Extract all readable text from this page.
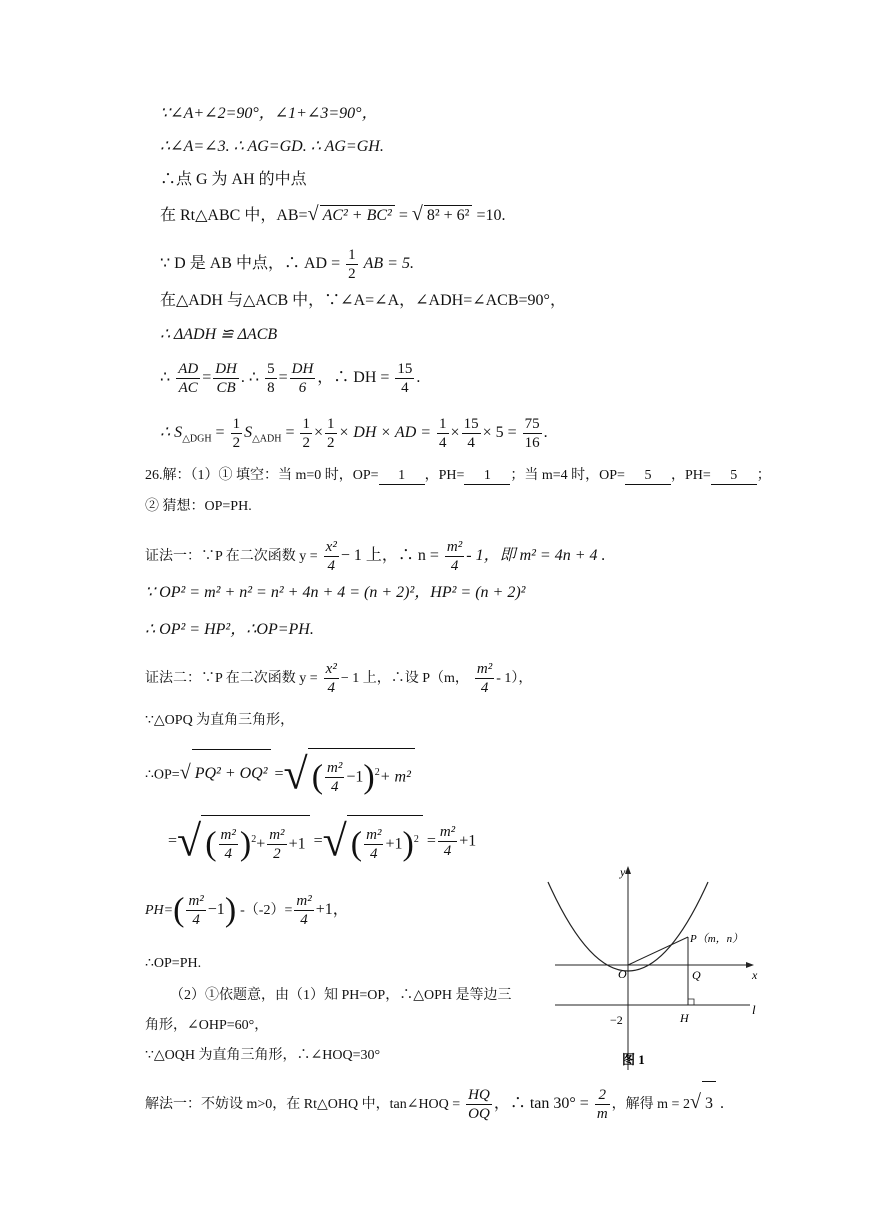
∵∠A+∠2=90°，∠1+∠3=90°，
∴∠A=∠3. ∴ AG=GD. ∴ AG=GH.
∴点 G 为 AH 的中点
在 Rt△ABC 中，AB=√ AC² + BC² = √ 8² + 6² =10.
∵ D 是 AB 中点，∴ AD = $\frac{1}{2}$ AB = 5.
在△ADH 与△ACB 中，∵∠A=∠A，∠ADH=∠ACB=90°，
∴ ΔADH ≌ ΔACB
∴ $\frac{AD}{AC} = \frac{DH}{CB}$ . ∴ $\frac{5}{8} = \frac{DH}{6}$ ，∴ DH = $\frac{15}{4}$ .
∴ $S_{\triangle DGH} = \frac{1}{2} S_{\triangle ADH} = \frac{1}{2} \times \frac{1}{2}$ × DH × AD = $\frac{1}{4} \times \frac{15}{4} \times 5 = \frac{75}{16}$ .
26.解：（1）① 填空：当 m=0 时，OP= 1 ，PH= 1 ；当 m=4 时，OP= 5 ，PH= 5 ；
② 猜想：OP=PH.
证法一：∵P 在二次函数 $y = \frac{\text{x²}}{4} - 1$ 上，∴ $n = \frac{\text{m²}}{4} - 1$，即 m² = 4n + 4 .
∵ OP² = m² + n² = n² + 4n + 4 = (n + 2)²，HP² = (n + 2)²
∴ OP² = HP²，∴OP=PH.
证法二：∵P 在二次函数 $y = \frac{\text{x²}}{4} - 1$ 上，∴设 P（m， $\frac{\text{m²}}{4} - 1$），
∵△OPQ 为直角三角形，
∴OP=√ PQ² + OQ² =√ ( $\frac{\text{m²}}{4} -1)^2+ m^2$
=√ ( $\frac{\text{m²}}{4} )^2+ \frac{\text{m²}}{2} +1$ =√ ( $\frac{\text{m²}}{4} +1)^2 = \frac{\text{m²}}{4} +1$
$PH=( \frac{\text{m²}}{4} -1)$ $-(-2)= \frac{\text{m²}}{4} +1$，
∴OP=PH.
（2）①依题意，由（1）知 PH=OP，∴△OPH 是等边三
角形，∠OHP=60°，
∵△OQH 为直角三角形，∴∠HOQ=30°
解法一：不妨设 m>0，在 Rt△OHQ 中，tan∠HOQ = $\frac{HQ}{OQ}$ ，∴ $\tan 30^\circ = \frac{2}{m}$ ，解得 m = 2√ 3 .
y
x
O	Q
P（m，n）
−2	H
l
图 1
